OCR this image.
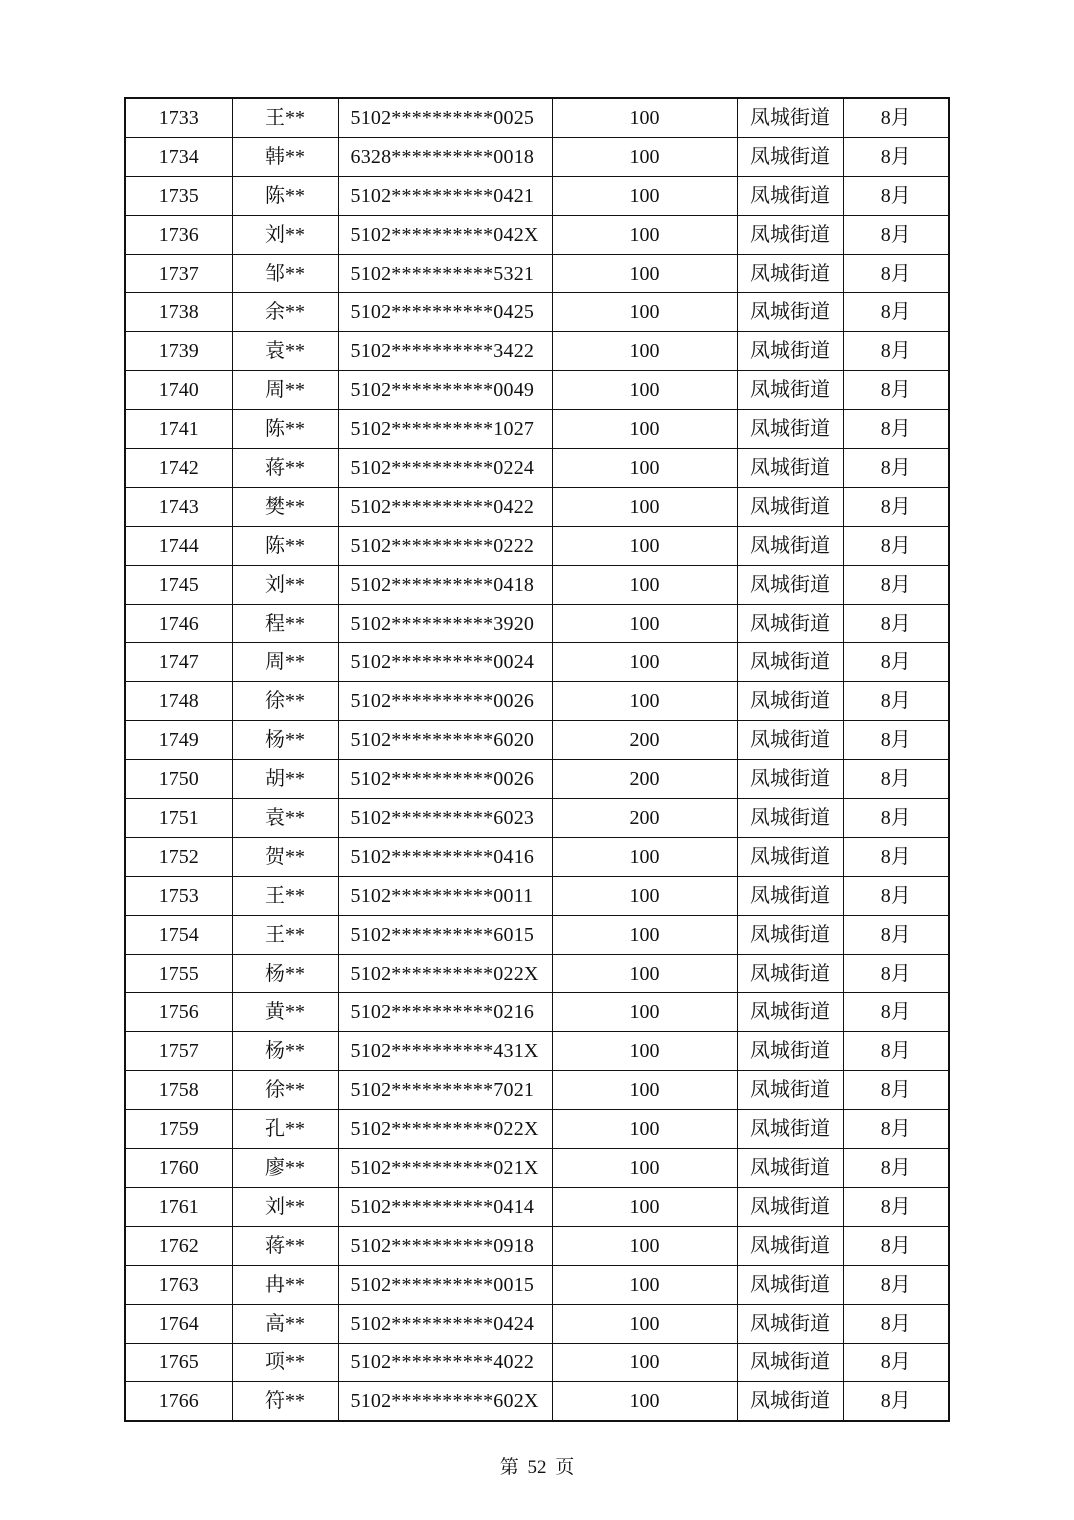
1733	王**	5102**********0025	100	凤城街道	8月
1734	韩**	6328**********0018	100	凤城街道	8月
1735	陈**	5102**********0421	100	凤城街道	8月
1736	刘**	5102**********042X	100	凤城街道	8月
1737	邹**	5102**********5321	100	凤城街道	8月
1738	余**	5102**********0425	100	凤城街道	8月
1739	袁**	5102**********3422	100	凤城街道	8月
1740	周**	5102**********0049	100	凤城街道	8月
1741	陈**	5102**********1027	100	凤城街道	8月
1742	蒋**	5102**********0224	100	凤城街道	8月
1743	樊**	5102**********0422	100	凤城街道	8月
1744	陈**	5102**********0222	100	凤城街道	8月
1745	刘**	5102**********0418	100	凤城街道	8月
1746	程**	5102**********3920	100	凤城街道	8月
1747	周**	5102**********0024	100	凤城街道	8月
1748	徐**	5102**********0026	100	凤城街道	8月
1749	杨**	5102**********6020	200	凤城街道	8月
1750	胡**	5102**********0026	200	凤城街道	8月
1751	袁**	5102**********6023	200	凤城街道	8月
1752	贺**	5102**********0416	100	凤城街道	8月
1753	王**	5102**********0011	100	凤城街道	8月
1754	王**	5102**********6015	100	凤城街道	8月
1755	杨**	5102**********022X	100	凤城街道	8月
1756	黄**	5102**********0216	100	凤城街道	8月
1757	杨**	5102**********431X	100	凤城街道	8月
1758	徐**	5102**********7021	100	凤城街道	8月
1759	孔**	5102**********022X	100	凤城街道	8月
1760	廖**	5102**********021X	100	凤城街道	8月
1761	刘**	5102**********0414	100	凤城街道	8月
1762	蒋**	5102**********0918	100	凤城街道	8月
1763	冉**	5102**********0015	100	凤城街道	8月
1764	高**	5102**********0424	100	凤城街道	8月
1765	项**	5102**********4022	100	凤城街道	8月
1766	符**	5102**********602X	100	凤城街道	8月
第 52 页
